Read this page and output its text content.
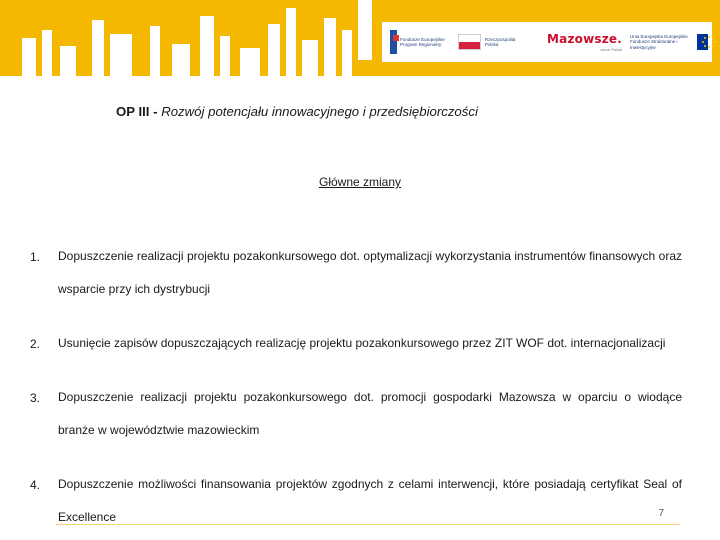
Fundusze Europejskie Program Regionalny
Rzeczpospolita Polska	Mazowsze.
serce Polski
Unia Europejska Europejskie Fundusze Strukturalne i Inwestycyjne
OP III - Rozwój potencjału innowacyjnego i przedsiębiorczości
Główne zmiany
1.	Dopuszczenie realizacji projektu pozakonkursowego dot. optymalizacji wykorzystania instrumentów finansowych oraz wsparcie przy ich dystrybucji
2.	Usunięcie zapisów dopuszczających realizację projektu pozakonkursowego przez ZIT WOF dot. internacjonalizacji
3.	Dopuszczenie realizacji projektu pozakonkursowego dot. promocji gospodarki Mazowsza w oparciu o wiodące branże w województwie mazowieckim
4.	Dopuszczenie możliwości finansowania projektów zgodnych z celami interwencji, które posiadają certyfikat Seal of Excellence	7
